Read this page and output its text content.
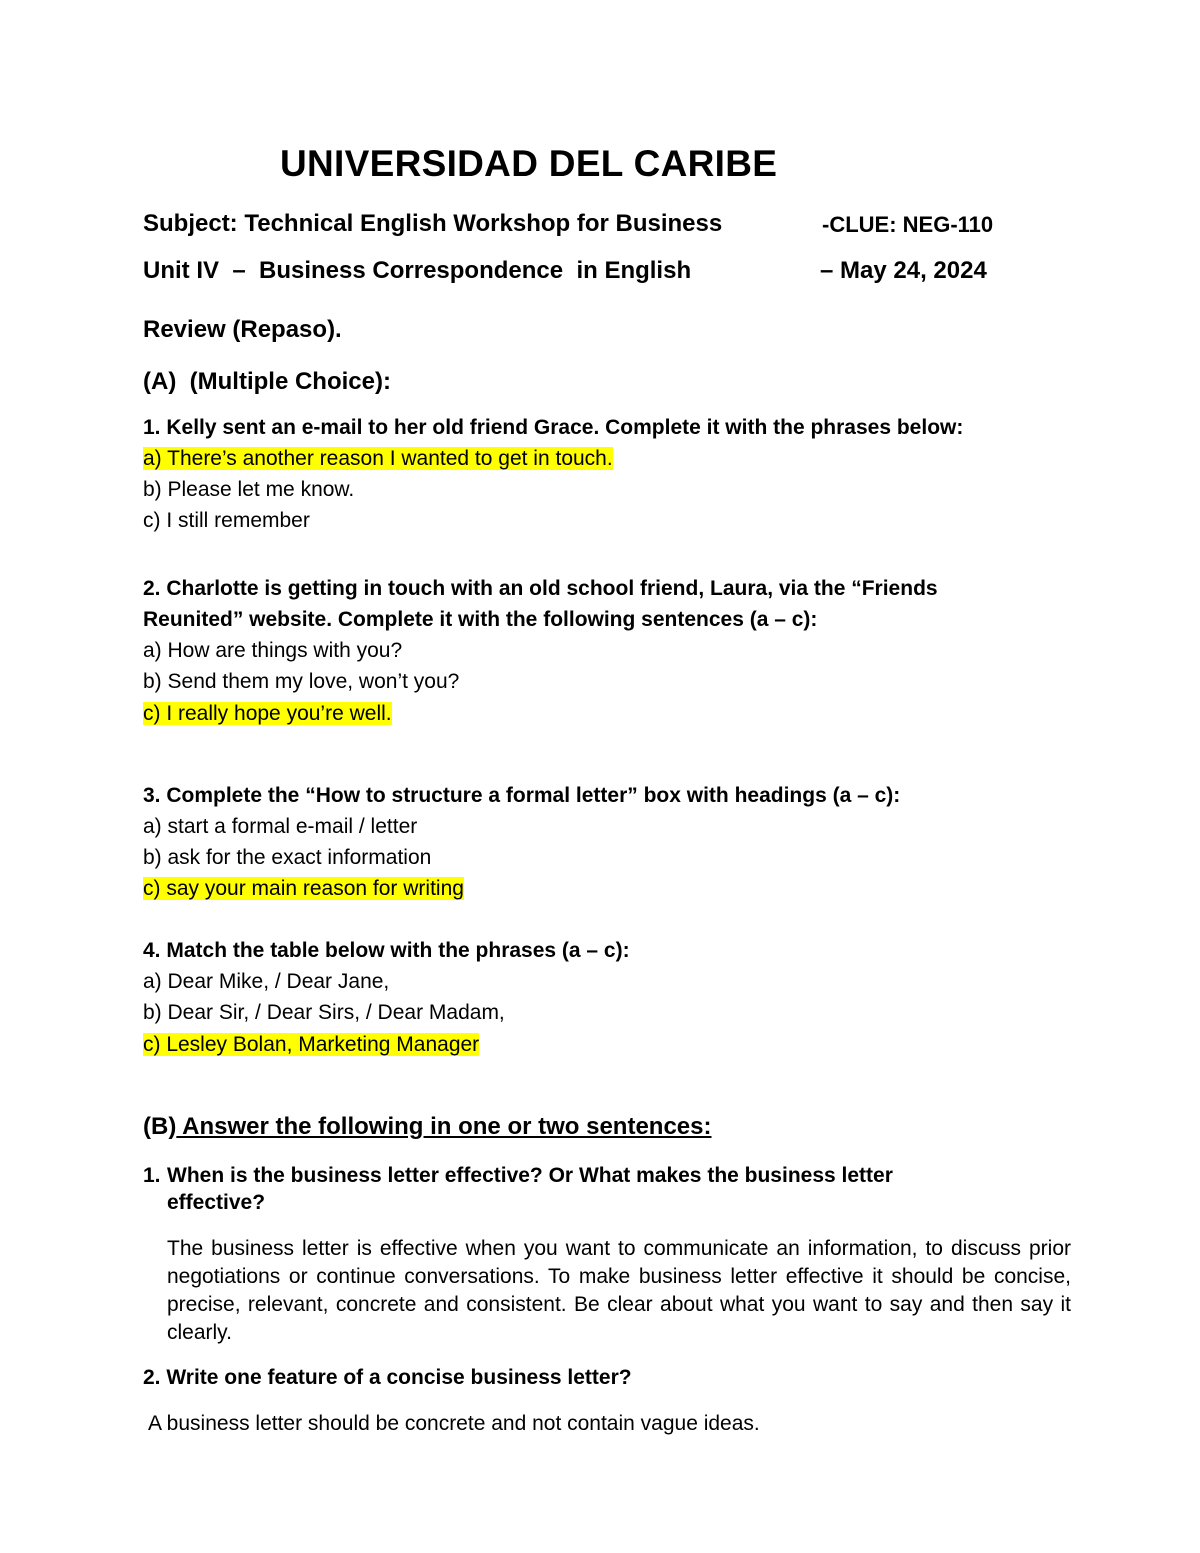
UNIVERSIDAD DEL CARIBE
Subject: Technical English Workshop for Business	-CLUE: NEG-110
Unit IV  –  Business Correspondence  in English	– May 24, 2024
Review (Repaso).
(A)  (Multiple Choice):
1. Kelly sent an e-mail to her old friend Grace. Complete it with the phrases below:
a) There’s another reason I wanted to get in touch.
b) Please let me know.
c) I still remember
2. Charlotte is getting in touch with an old school friend, Laura, via the “Friends
Reunited” website. Complete it with the following sentences (a – c):
a) How are things with you?
b) Send them my love, won’t you?
c) I really hope you’re well.
3. Complete the “How to structure a formal letter” box with headings (a – c):
a) start a formal e-mail / letter
b) ask for the exact information
c) say your main reason for writing
4. Match the table below with the phrases (a – c):
a) Dear Mike, / Dear Jane,
b) Dear Sir, / Dear Sirs, / Dear Madam,
c) Lesley Bolan, Marketing Manager
(B) Answer the following in one or two sentences:
1. When is the business letter effective? Or What makes the business letter
effective?
The business letter is effective when you want to communicate an information, to discuss prior negotiations or continue conversations. To make business letter effective it should be concise, precise, relevant, concrete and consistent. Be clear about what you want to say and then say it clearly.
2. Write one feature of a concise business letter?
A business letter should be concrete and not contain vague ideas.
